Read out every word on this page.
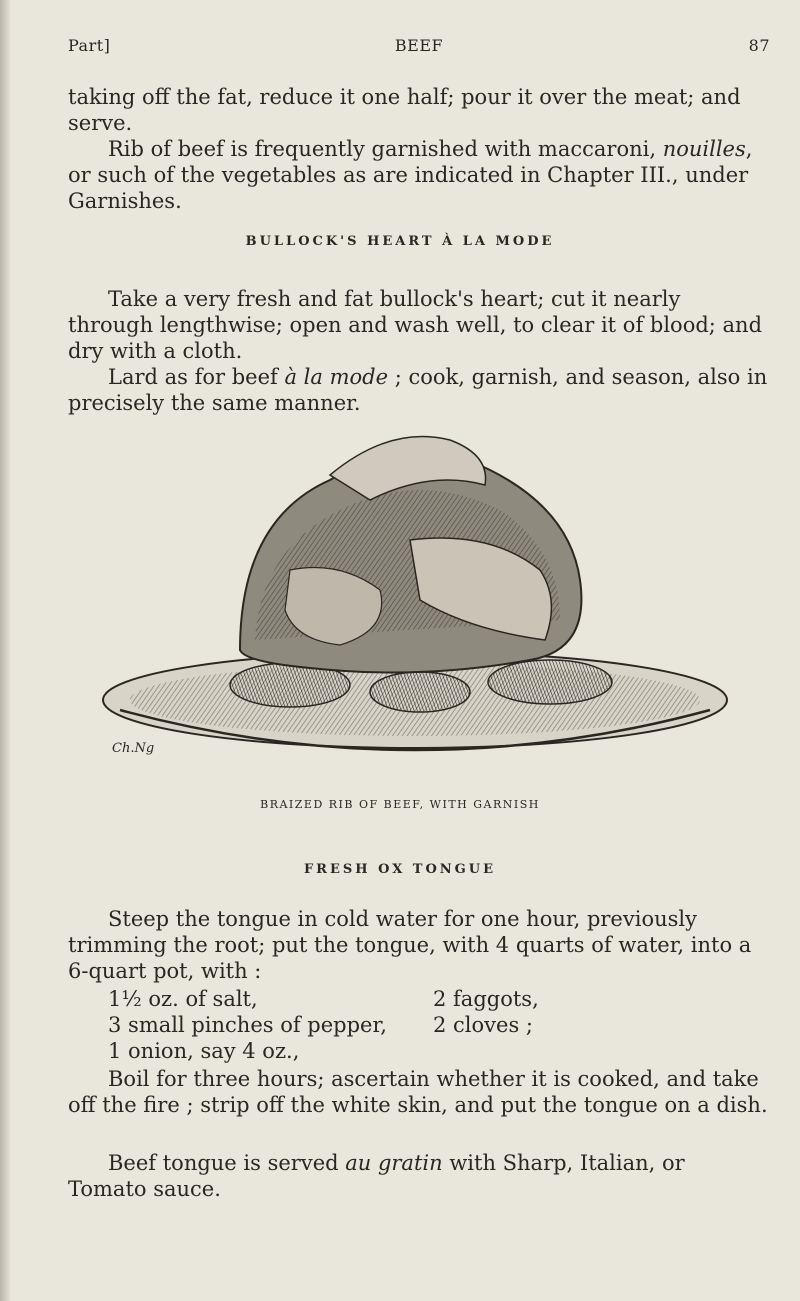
Part]	BEEF	87

taking off the fat, reduce it one half; pour it over the meat; and

serve.

Rib of beef is frequently garnished with maccaroni, nouilles, or such of the vegetables as are indicated in Chapter III., under Garnishes.

BULLOCK'S HEART À LA MODE

Take a very fresh and fat bullock's heart; cut it nearly through lengthwise; open and wash well, to clear it of blood; and dry with a cloth.

Lard as for beef à la mode ; cook, garnish, and season, also in precisely the same manner.

Ch.Ng
BRAIZED RIB OF BEEF, WITH GARNISH
FRESH OX TONGUE

Steep the tongue in cold water for one hour, previously trimming the root; put the tongue, with 4 quarts of water, into a 6-quart pot, with :

1½ oz. of salt,	2 faggots,
3 small pinches of pepper, 2 cloves ;
1 onion, say 4 oz.,

Boil for three hours; ascertain whether it is cooked, and take off the fire ; strip off the white skin, and put the tongue on a dish.

Beef tongue is served au gratin with Sharp, Italian, or Tomato sauce.
